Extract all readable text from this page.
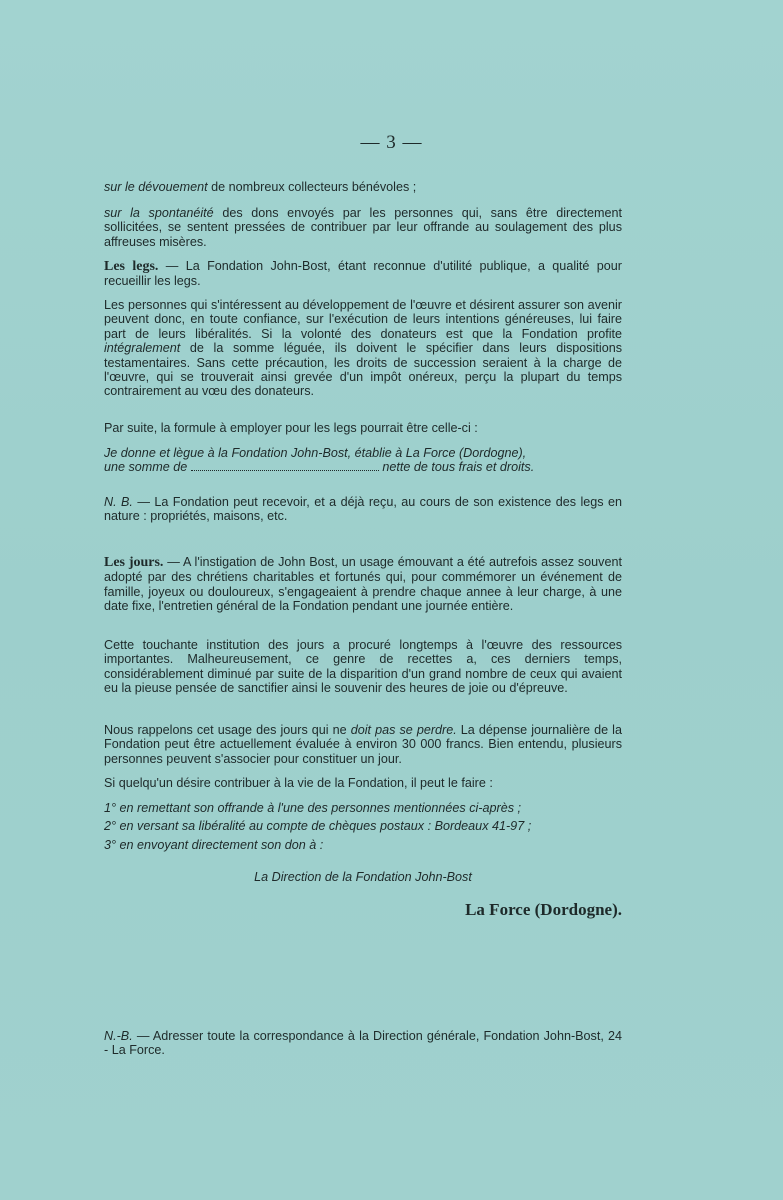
— 3 —

sur le dévouement de nombreux collecteurs bénévoles ;

sur la spontanéité des dons envoyés par les personnes qui, sans être directement sollicitées, se sentent pressées de contribuer par leur offrande au soulagement des plus affreuses misères.

Les legs. — La Fondation John-Bost, étant reconnue d'utilité publique, a qualité pour recueillir les legs.

Les personnes qui s'intéressent au développement de l'œuvre et désirent assurer son avenir peuvent donc, en toute confiance, sur l'exécution de leurs intentions généreuses, lui faire part de leurs libéralités. Si la volonté des donateurs est que la Fondation profite intégralement de la somme léguée, ils doivent le spécifier dans leurs dispositions testamentaires. Sans cette précaution, les droits de succession seraient à la charge de l'œuvre, qui se trouverait ainsi grevée d'un impôt onéreux, perçu la plupart du temps contrairement au vœu des donateurs.

Par suite, la formule à employer pour les legs pourrait être celle-ci :

Je donne et lègue à la Fondation John-Bost, établie à La Force (Dordogne),

une somme de	nette de tous frais et droits.

N. B. — La Fondation peut recevoir, et a déjà reçu, au cours de son existence des legs en nature : propriétés, maisons, etc.

Les jours. — A l'instigation de John Bost, un usage émouvant a été autrefois assez souvent adopté par des chrétiens charitables et fortunés qui, pour commémorer un événement de famille, joyeux ou douloureux, s'engageaient à prendre chaque annee à leur charge, à une date fixe, l'entretien général de la Fondation pendant une journée entière.

Cette touchante institution des jours a procuré longtemps à l'œuvre des ressources importantes. Malheureusement, ce genre de recettes a, ces derniers temps, considérablement diminué par suite de la disparition d'un grand nombre de ceux qui avaient eu la pieuse pensée de sanctifier ainsi le souvenir des heures de joie ou d'épreuve.

Nous rappelons cet usage des jours qui ne doit pas se perdre. La dépense journalière de la Fondation peut être actuellement évaluée à environ 30 000 francs. Bien entendu, plusieurs personnes peuvent s'associer pour constituer un jour.

Si quelqu'un désire contribuer à la vie de la Fondation, il peut le faire :

1° en remettant son offrande à l'une des personnes mentionnées ci-après ;

2° en versant sa libéralité au compte de chèques postaux : Bordeaux 41-97 ;

3° en envoyant directement son don à :

La Direction de la Fondation John-Bost

La Force (Dordogne).

N.-B. — Adresser toute la correspondance à la Direction générale, Fondation John-Bost, 24 - La Force.
